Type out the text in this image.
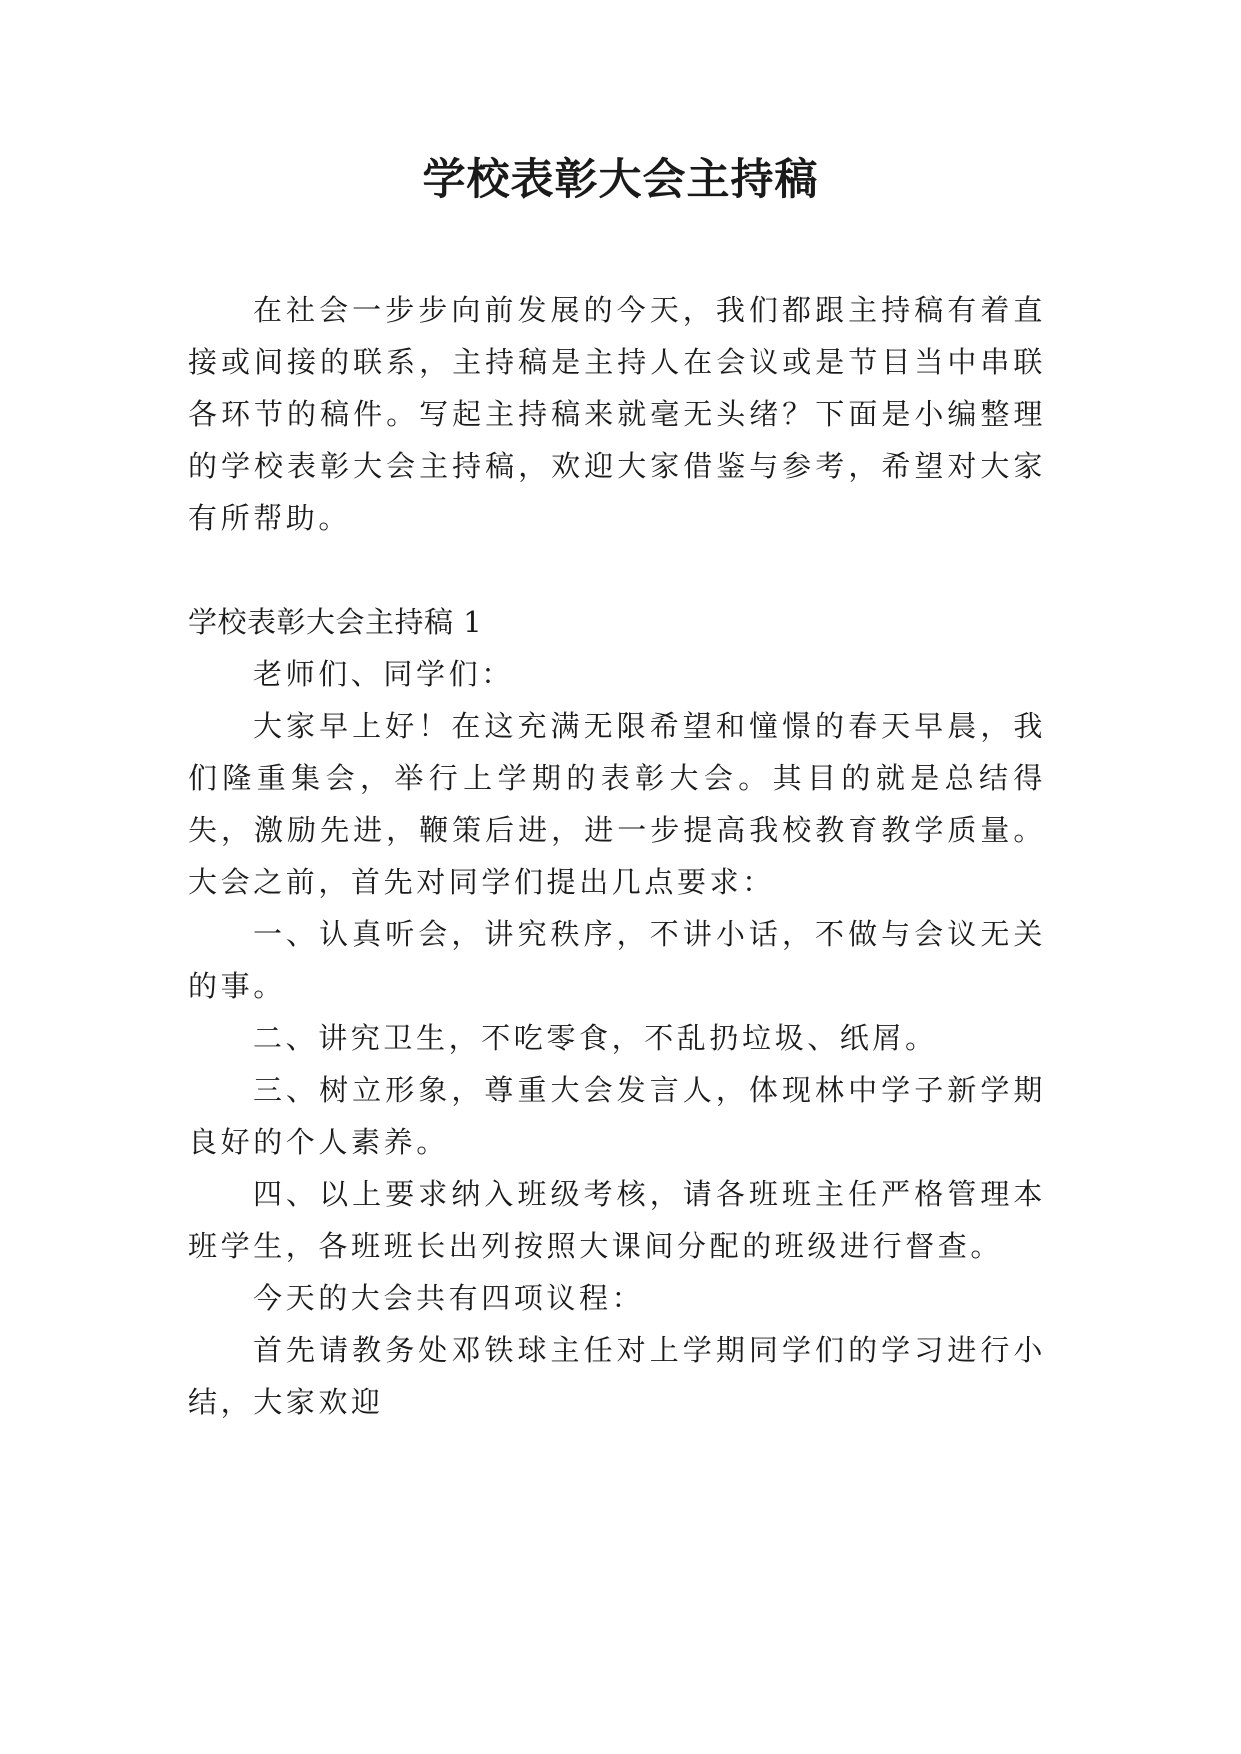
学校表彰大会主持稿

在社会一步步向前发展的今天，我们都跟主持稿有着直接或间接的联系，主持稿是主持人在会议或是节目当中串联各环节的稿件。写起主持稿来就毫无头绪？下面是小编整理的学校表彰大会主持稿，欢迎大家借鉴与参考，希望对大家有所帮助。

学校表彰大会主持稿 1

老师们、同学们：

大家早上好！在这充满无限希望和憧憬的春天早晨，我们隆重集会，举行上学期的表彰大会。其目的就是总结得失，激励先进，鞭策后进，进一步提高我校教育教学质量。大会之前，首先对同学们提出几点要求：

一、认真听会，讲究秩序，不讲小话，不做与会议无关的事。

二、讲究卫生，不吃零食，不乱扔垃圾、纸屑。

三、树立形象，尊重大会发言人，体现林中学子新学期良好的个人素养。

四、以上要求纳入班级考核，请各班班主任严格管理本班学生，各班班长出列按照大课间分配的班级进行督查。

今天的大会共有四项议程：

首先请教务处邓铁球主任对上学期同学们的学习进行小结，大家欢迎
